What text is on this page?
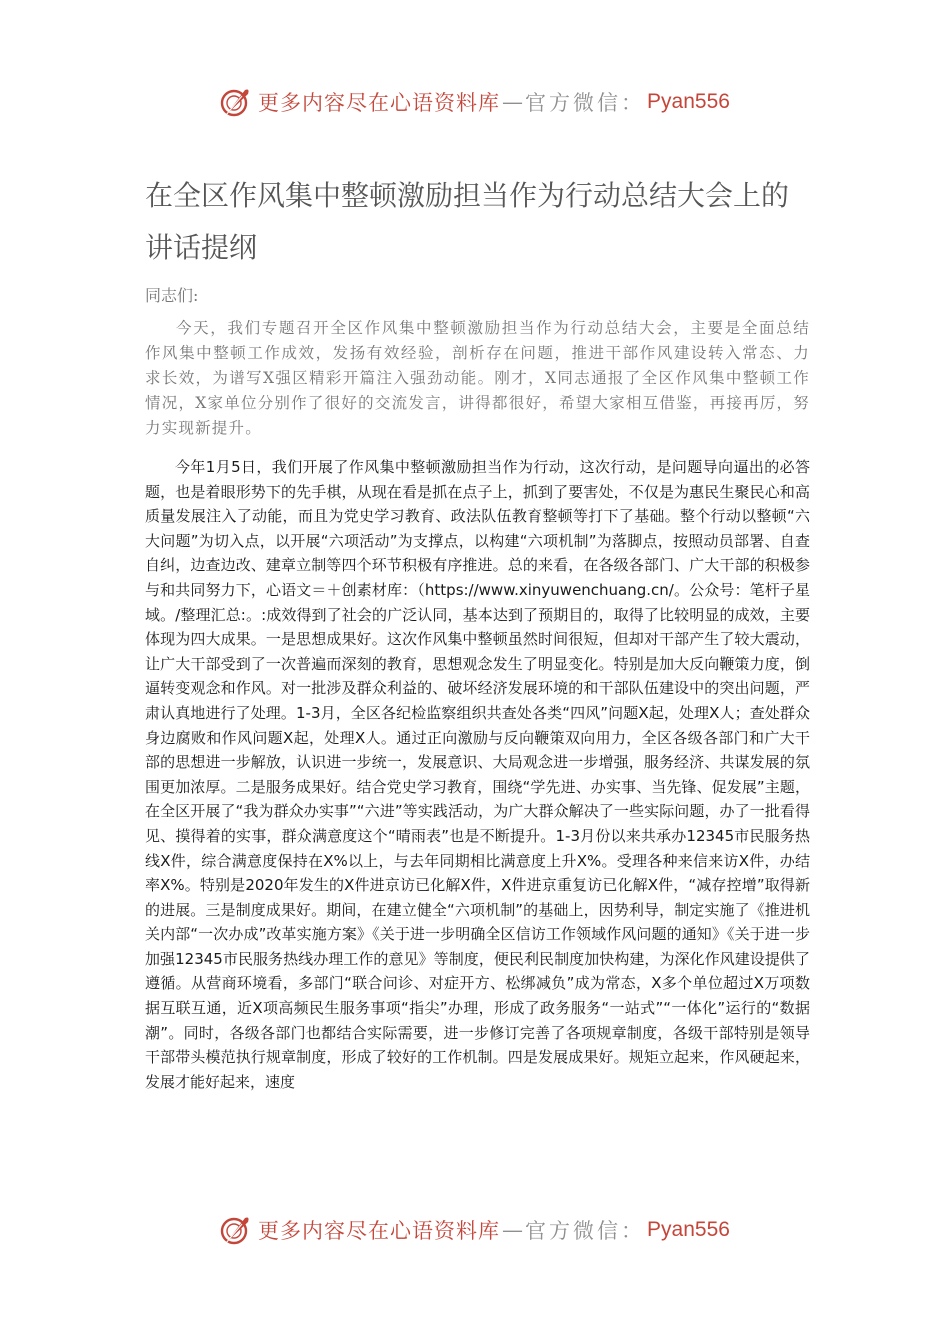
更多内容尽在心语资料库 — 官方微信： Pyan556
在全区作风集中整顿激励担当作为行动总结大会上的讲话提纲

同志们:

今天，我们专题召开全区作风集中整顿激励担当作为行动总结大会，主要是全面总结作风集中整顿工作成效，发扬有效经验，剖析存在问题，推进干部作风建设转入常态、力求长效，为谱写X强区精彩开篇注入强劲动能。刚才，X同志通报了全区作风集中整顿工作情况，X家单位分别作了很好的交流发言，讲得都很好，希望大家相互借鉴，再接再厉，努力实现新提升。

今年1月5日，我们开展了作风集中整顿激励担当作为行动，这次行动，是问题导向逼出的必答题，也是着眼形势下的先手棋，从现在看是抓在点子上，抓到了要害处，不仅是为惠民生聚民心和高质量发展注入了动能，而且为党史学习教育、政法队伍教育整顿等打下了基础。整个行动以整顿“六大问题”为切入点，以开展“六项活动”为支撑点，以构建“六项机制”为落脚点，按照动员部署、自查自纠，边查边改、建章立制等四个环节积极有序推进。总的来看，在各级各部门、广大干部的积极参与和共同努力下，心语文＝＋创素材库：（https://www.xinyuwenchuang.cn/。公众号：笔杆子星域。/整理汇总:。:成效得到了社会的广泛认同，基本达到了预期目的，取得了比较明显的成效，主要体现为四大成果。一是思想成果好。这次作风集中整顿虽然时间很短，但却对干部产生了较大震动，让广大干部受到了一次普遍而深刻的教育，思想观念发生了明显变化。特别是加大反向鞭策力度，倒逼转变观念和作风。对一批涉及群众利益的、破坏经济发展环境的和干部队伍建设中的突出问题，严肃认真地进行了处理。1-3月，全区各纪检监察组织共查处各类“四风”问题X起，处理X人；查处群众身边腐败和作风问题X起，处理X人。通过正向激励与反向鞭策双向用力，全区各级各部门和广大干部的思想进一步解放，认识进一步统一，发展意识、大局观念进一步增强，服务经济、共谋发展的氛围更加浓厚。二是服务成果好。结合党史学习教育，围绕“学先进、办实事、当先锋、促发展”主题，在全区开展了“我为群众办实事”“六进”等实践活动，为广大群众解决了一些实际问题，办了一批看得见、摸得着的实事，群众满意度这个“晴雨表”也是不断提升。1-3月份以来共承办12345市民服务热线X件，综合满意度保持在X%以上，与去年同期相比满意度上升X%。受理各种来信来访X件，办结率X%。特别是2020年发生的X件进京访已化解X件，X件进京重复访已化解X件，“减存控增”取得新的进展。三是制度成果好。期间，在建立健全“六项机制”的基础上，因势利导，制定实施了《推进机关内部“一次办成”改革实施方案》《关于进一步明确全区信访工作领域作风问题的通知》《关于进一步加强12345市民服务热线办理工作的意见》等制度，便民利民制度加快构建，为深化作风建设提供了遵循。从营商环境看，多部门“联合问诊、对症开方、松绑减负”成为常态，X多个单位超过X万项数据互联互通，近X项高频民生服务事项“指尖”办理，形成了政务服务“一站式”“一体化”运行的“数据潮”。同时，各级各部门也都结合实际需要，进一步修订完善了各项规章制度，各级干部特别是领导干部带头模范执行规章制度，形成了较好的工作机制。四是发展成果好。规矩立起来，作风硬起来，发展才能好起来，速度

更多内容尽在心语资料库 — 官方微信： Pyan556
